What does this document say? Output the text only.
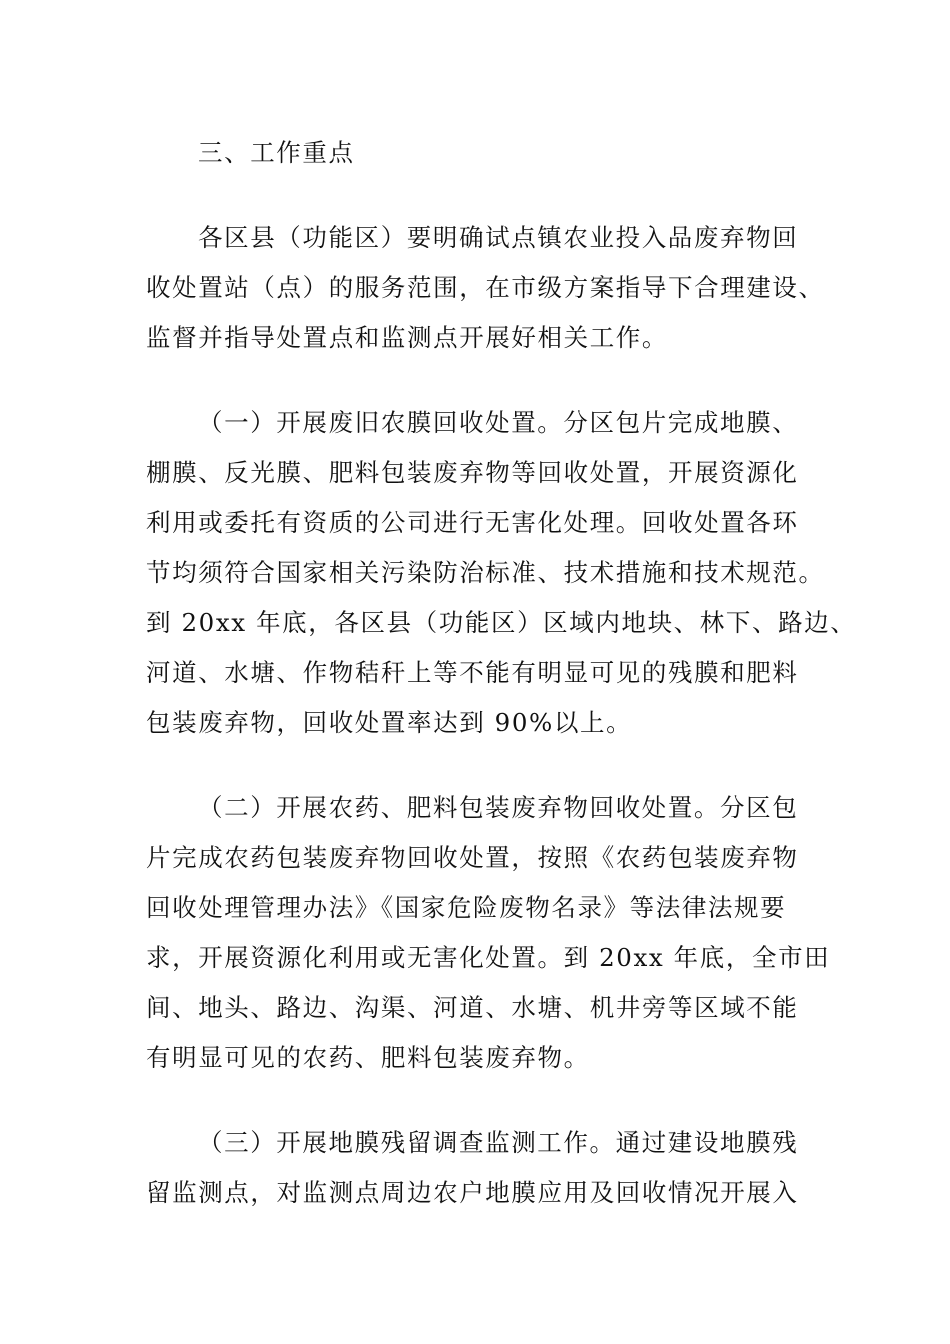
三、工作重点
各区县（功能区）要明确试点镇农业投入品废弃物回
收处置站（点）的服务范围，在市级方案指导下合理建设、
监督并指导处置点和监测点开展好相关工作。
（一）开展废旧农膜回收处置。分区包片完成地膜、
棚膜、反光膜、肥料包装废弃物等回收处置，开展资源化
利用或委托有资质的公司进行无害化处理。回收处置各环
节均须符合国家相关污染防治标准、技术措施和技术规范。
到 20xx 年底，各区县（功能区）区域内地块、林下、路边、
河道、水塘、作物秸秆上等不能有明显可见的残膜和肥料
包装废弃物，回收处置率达到 90%以上。
（二）开展农药、肥料包装废弃物回收处置。分区包
片完成农药包装废弃物回收处置，按照《农药包装废弃物
回收处理管理办法》《国家危险废物名录》等法律法规要
求，开展资源化利用或无害化处置。到 20xx 年底，全市田
间、地头、路边、沟渠、河道、水塘、机井旁等区域不能
有明显可见的农药、肥料包装废弃物。
（三）开展地膜残留调查监测工作。通过建设地膜残
留监测点，对监测点周边农户地膜应用及回收情况开展入
